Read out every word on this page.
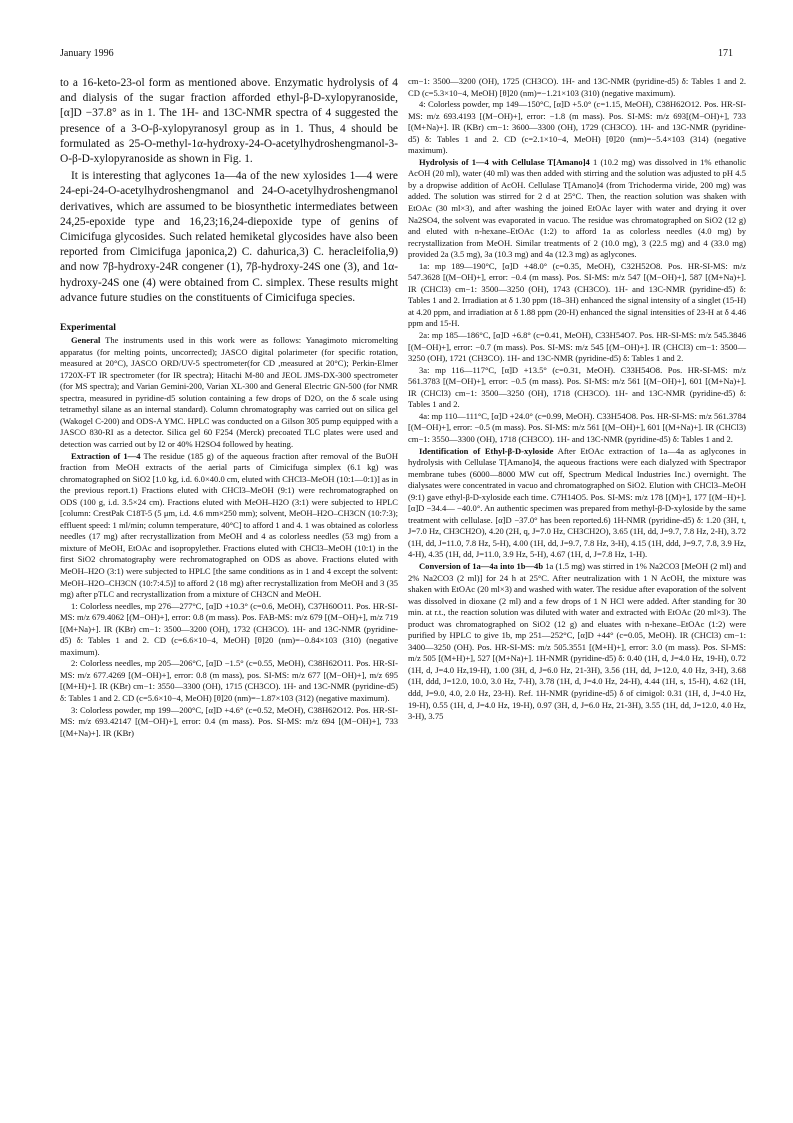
January 1996	171

to a 16-keto-23-ol form as mentioned above. Enzymatic hydrolysis of 4 and dialysis of the sugar fraction afforded ethyl-β-D-xylopyranoside, [α]D −37.8° as in 1. The 1H- and 13C-NMR spectra of 4 suggested the presence of a 3-O-β-xylopyranosyl group as in 1. Thus, 4 should be formulated as 25-O-methyl-1α-hydroxy-24-O-acetylhydroshengmanol-3-O-β-D-xylopyranoside as shown in Fig. 1.

It is interesting that aglycones 1a—4a of the new xylosides 1—4 were 24-epi-24-O-acetylhydroshengmanol and 24-O-acetylhydroshengmanol derivatives, which are assumed to be biosynthetic intermediates between 24,25-epoxide type and 16,23;16,24-diepoxide type of genins of Cimicifuga glycosides. Such related hemiketal glycosides have also been reported from Cimicifuga japonica,2) C. dahurica,3) C. heracleifolia,9) and now 7β-hydroxy-24R congener (1), 7β-hydroxy-24S one (3), and 1α-hydroxy-24S one (4) were obtained from C. simplex. These results might advance future studies on the constituents of Cimicifuga species.

Experimental

General The instruments used in this work were as follows: Yanagimoto micromelting apparatus (for melting points, uncorrected); JASCO digital polarimeter (for specific rotation, measured at 20°C), JASCO ORD/UV-5 spectrometer(for CD ,measured at 20°C); Perkin-Elmer 1720X-FT IR spectrometer (for IR spectra); Hitachi M-80 and JEOL JMS-DX-300 spectrometer (for MS spectra); and Varian Gemini-200, Varian XL-300 and General Electric GN-500 (for NMR spectra, measured in pyridine-d5 solution containing a few drops of D2O, on the δ scale using tetramethyl silane as an internal standard). Column chromatography was carried out on silica gel (Wakogel C-200) and ODS-A YMC. HPLC was conducted on a Gilson 305 pump equipped with a JASCO 830-RI as a detector. Silica gel 60 F254 (Merck) precoated TLC plates were used and detection was carried out by I2 or 40% H2SO4 followed by heating.

Extraction of 1—4 The residue (185 g) of the aqueous fraction after removal of the BuOH fraction from MeOH extracts of the aerial parts of Cimicifuga simplex (6.1 kg) was chromatographed on SiO2 [1.0 kg, i.d. 6.0×40.0 cm, eluted with CHCl3–MeOH (10:1—0:1)] as in the previous report.1) Fractions eluted with CHCl3–MeOH (9:1) were rechromatographed on ODS (100 g, i.d. 3.5×24 cm). Fractions eluted with MeOH–H2O (3:1) were subjected to HPLC [column: CrestPak C18T-5 (5 μm, i.d. 4.6 mm×250 mm); solvent, MeOH–H2O–CH3CN (10:7:3); effluent speed: 1 ml/min; column temperature, 40°C] to afford 1 and 4. 1 was obtained as colorless needles (17 mg) after recrystallization from MeOH and 4 as colorless needles (53 mg) from a mixture of MeOH, EtOAc and isopropylether. Fractions eluted with CHCl3–MeOH (10:1) in the first SiO2 chromatography were rechromatographed on ODS as above. Fractions eluted with MeOH–H2O (3:1) were subjected to HPLC [the same conditions as in 1 and 4 except the solvent: MeOH–H2O–CH3CN (10:7:4.5)] to afford 2 (18 mg) after recrystallization from MeOH and 3 (35 mg) after pTLC and recrystallization from a mixture of CH3CN and MeOH.

1: Colorless needles, mp 276—277°C, [α]D +10.3° (c=0.6, MeOH), C37H60O11. Pos. HR-SI-MS: m/z 679.4062 [(M−OH)+], error: 0.8 (m mass). Pos. FAB-MS: m/z 679 [(M−OH)+], m/z 719 [(M+Na)+]. IR (KBr) cm−1: 3500—3200 (OH), 1732 (CH3CO). 1H- and 13C-NMR (pyridine-d5) δ: Tables 1 and 2. CD (c=6.6×10−4, MeOH) [θ]20 (nm)=−0.84×103 (310) (negative maximum).

2: Colorless needles, mp 205—206°C, [α]D −1.5° (c=0.55, MeOH), C38H62O11. Pos. HR-SI-MS: m/z 677.4269 [(M−OH)+], error: 0.8 (m mass), pos. SI-MS: m/z 677 [(M−OH)+], m/z 695 [(M+H)+]. IR (KBr) cm−1: 3550—3300 (OH), 1715 (CH3CO). 1H- and 13C-NMR (pyridine-d5) δ: Tables 1 and 2. CD (c=5.6×10−4, MeOH) [θ]20 (nm)=−1.87×103 (312) (negative maximum).

3: Colorless powder, mp 199—200°C, [α]D +4.6° (c=0.52, MeOH), C38H62O12. Pos. HR-SI-MS: m/z 693.42147 [(M−OH)+], error: 0.4 (m mass). Pos. SI-MS: m/z 694 [(M−OH)+], 733 [(M+Na)+]. IR (KBr)

cm−1: 3500—3200 (OH), 1725 (CH3CO). 1H- and 13C-NMR (pyridine-d5) δ: Tables 1 and 2. CD (c=5.3×10−4, MeOH) [θ]20 (nm)=−1.21×103 (310) (negative maximum).

4: Colorless powder, mp 149—150°C, [α]D +5.0° (c=1.15, MeOH), C38H62O12. Pos. HR-SI-MS: m/z 693.4193 [(M−OH)+], error: −1.8 (m mass). Pos. SI-MS: m/z 693[(M−OH)+], 733 [(M+Na)+]. IR (KBr) cm−1: 3600—3300 (OH), 1729 (CH3CO). 1H- and 13C-NMR (pyridine-d5) δ: Tables 1 and 2. CD (c=2.1×10−4, MeOH) [θ]20 (nm)=−5.4×103 (314) (negative maximum).

Hydrolysis of 1—4 with Cellulase T[Amano]4 1 (10.2 mg) was dissolved in 1% ethanolic AcOH (20 ml), water (40 ml) was then added with stirring and the solution was adjusted to pH 4.5 by a dropwise addition of AcOH. Cellulase T[Amano]4 (from Trichoderma viride, 200 mg) was added. The solution was stirred for 2 d at 25°C. Then, the reaction solution was shaken with EtOAc (30 ml×3), and after washing the joined EtOAc layer with water and drying it over Na2SO4, the solvent was evaporated in vacuo. The residue was chromatographed on SiO2 (12 g) and eluted with n-hexane–EtOAc (1:2) to afford 1a as colorless needles (4.0 mg) by recrystallization from MeOH. Similar treatments of 2 (10.0 mg), 3 (22.5 mg) and 4 (33.0 mg) provided 2a (3.5 mg), 3a (10.3 mg) and 4a (12.3 mg) as aglycones.

1a: mp 189—190°C, [α]D +48.0° (c=0.35, MeOH), C32H52O8. Pos. HR-SI-MS: m/z 547.3628 [(M−OH)+], error: −0.4 (m mass). Pos. SI-MS: m/z 547 [(M−OH)+], 587 [(M+Na)+]. IR (CHCl3) cm−1: 3500—3250 (OH), 1743 (CH3CO). 1H- and 13C-NMR (pyridine-d5) δ: Tables 1 and 2. Irradiation at δ 1.30 ppm (18–3H) enhanced the signal intensity of a singlet (15-H) at 4.20 ppm, and irradiation at δ 1.88 ppm (20-H) enhanced the signal intensities of 23-H at δ 4.46 ppm and 15-H.

2a: mp 185—186°C, [α]D +6.8° (c=0.41, MeOH), C33H54O7. Pos. HR-SI-MS: m/z 545.3846 [(M−OH)+], error: −0.7 (m mass). Pos. SI-MS: m/z 545 [(M−OH)+]. IR (CHCl3) cm−1: 3500—3250 (OH), 1721 (CH3CO). 1H- and 13C-NMR (pyridine-d5) δ: Tables 1 and 2.

3a: mp 116—117°C, [α]D +13.5° (c=0.31, MeOH). C33H54O8. Pos. HR-SI-MS: m/z 561.3783 [(M−OH)+], error: −0.5 (m mass). Pos. SI-MS: m/z 561 [(M−OH)+], 601 [(M+Na)+]. IR (CHCl3) cm−1: 3500—3250 (OH), 1718 (CH3CO). 1H- and 13C-NMR (pyridine-d5) δ: Tables 1 and 2.

4a: mp 110—111°C, [α]D +24.0° (c=0.99, MeOH). C33H54O8. Pos. HR-SI-MS: m/z 561.3784 [(M−OH)+], error: −0.5 (m mass). Pos. SI-MS: m/z 561 [(M−OH)+], 601 [(M+Na)+]. IR (CHCl3) cm−1: 3550—3300 (OH), 1718 (CH3CO). 1H- and 13C-NMR (pyridine-d5) δ: Tables 1 and 2.

Identification of Ethyl-β-D-xyloside After EtOAc extraction of 1a—4a as aglycones in hydrolysis with Cellulase T[Amano]4, the aqueous fractions were each dialyzed with Spectrapor membrane tubes (6000—8000 MW cut off, Spectrum Medical Industries Inc.) overnight. The dialysates were concentrated in vacuo and chromatographed on SiO2. Elution with CHCl3–MeOH (9:1) gave ethyl-β-D-xyloside each time. C7H14O5. Pos. SI-MS: m/z 178 [(M)+], 177 [(M−H)+]. [α]D −34.4— −40.0°. An authentic specimen was prepared from methyl-β-D-xyloside by the same treatment with cellulase. [α]D −37.0° has been reported.6) 1H-NMR (pyridine-d5) δ: 1.20 (3H, t, J=7.0 Hz, CH3CH2O), 4.20 (2H, q, J=7.0 Hz, CH3CH2O), 3.65 (1H, dd, J=9.7, 7.8 Hz, 2-H), 3.72 (1H, dd, J=11.0, 7.8 Hz, 5-H), 4.00 (1H, dd, J=9.7, 7.8 Hz, 3-H), 4.15 (1H, ddd, J=9.7, 7.8, 3.9 Hz, 4-H), 4.35 (1H, dd, J=11.0, 3.9 Hz, 5-H), 4.67 (1H, d, J=7.8 Hz, 1-H).

Conversion of 1a—4a into 1b—4b 1a (1.5 mg) was stirred in 1% Na2CO3 [MeOH (2 ml) and 2% Na2CO3 (2 ml)] for 24 h at 25°C. After neutralization with 1 N AcOH, the mixture was shaken with EtOAc (20 ml×3) and washed with water. The residue after evaporation of the solvent was dissolved in dioxane (2 ml) and a few drops of 1 N HCl were added. After standing for 30 min. at r.t., the reaction solution was diluted with water and extracted with EtOAc (20 ml×3). The product was chromatographed on SiO2 (12 g) and eluates with n-hexane–EtOAc (1:2) were purified by HPLC to give 1b, mp 251—252°C, [α]D +44° (c=0.05, MeOH). IR (CHCl3) cm−1: 3400—3250 (OH). Pos. HR-SI-MS: m/z 505.3551 [(M+H)+], error: 3.0 (m mass). Pos. SI-MS: m/z 505 [(M+H)+], 527 [(M+Na)+]. 1H-NMR (pyridine-d5) δ: 0.40 (1H, d, J=4.0 Hz, 19-H), 0.72 (1H, d, J=4.0 Hz,19-H), 1.00 (3H, d, J=6.0 Hz, 21-3H), 3.56 (1H, dd, J=12.0, 4.0 Hz, 3-H), 3.68 (1H, ddd, J=12.0, 10.0, 3.0 Hz, 7-H), 3.78 (1H, d, J=4.0 Hz, 24-H), 4.44 (1H, s, 15-H), 4.62 (1H, ddd, J=9.0, 4.0, 2.0 Hz, 23-H). Ref. 1H-NMR (pyridine-d5) δ of cimigol: 0.31 (1H, d, J=4.0 Hz, 19-H), 0.55 (1H, d, J=4.0 Hz, 19-H), 0.97 (3H, d, J=6.0 Hz, 21-3H), 3.55 (1H, dd, J=12.0, 4.0 Hz, 3-H), 3.75
